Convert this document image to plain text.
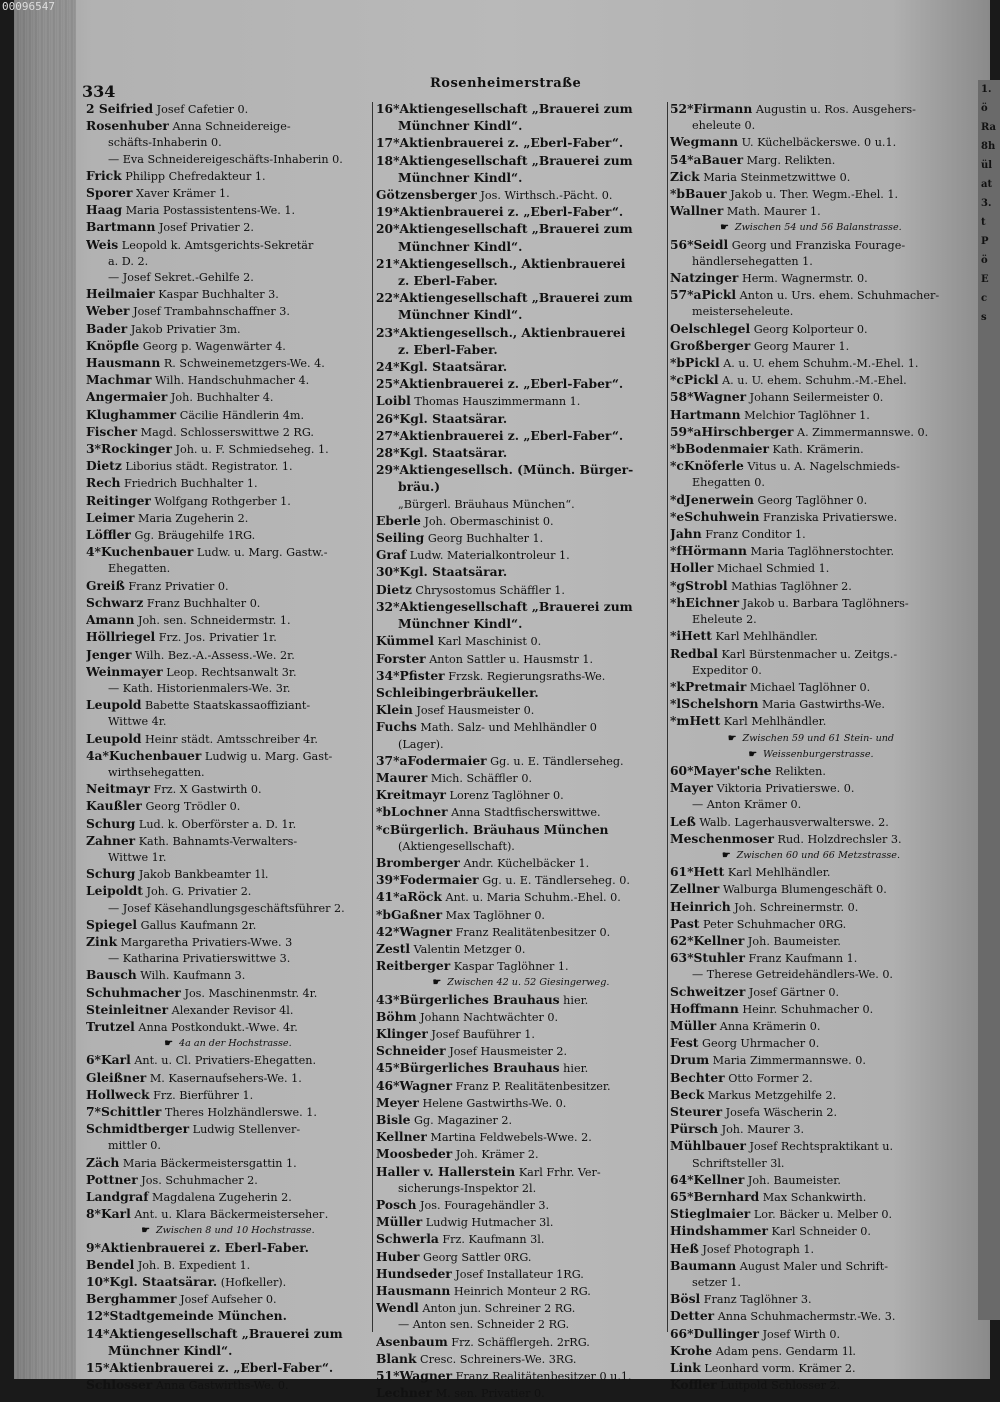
00096547
1.
ö
Ra
8h
ül
at
3.
t
P
ö
E
c
s
334	Rosenheimerstraße
2 Seifried Josef Cafetier 0.
Rosenhuber Anna Schneidereige-
schäfts-Inhaberin 0.
— Eva Schneidereigeschäfts-Inhaberin 0.
Frick Philipp Chefredakteur 1.
Sporer Xaver Krämer 1.
Haag Maria Postassistentens-We. 1.
Bartmann Josef Privatier 2.
Weis Leopold k. Amtsgerichts-Sekretär
a. D. 2.
— Josef Sekret.-Gehilfe 2.
Heilmaier Kaspar Buchhalter 3.
Weber Josef Trambahnschaffner 3.
Bader Jakob Privatier 3m.
Knöpfle Georg p. Wagenwärter 4.
Hausmann R. Schweinemetzgers-We. 4.
Machmar Wilh. Handschuhmacher 4.
Angermaier Joh. Buchhalter 4.
Klughammer Cäcilie Händlerin 4m.
Fischer Magd. Schlosserswittwe 2 RG.
3*Rockinger Joh. u. F. Schmiedseheg. 1.
Dietz Liborius städt. Registrator. 1.
Rech Friedrich Buchhalter 1.
Reitinger Wolfgang Rothgerber 1.
Leimer Maria Zugeherin 2.
Löffler Gg. Bräugehilfe 1RG.
4*Kuchenbauer Ludw. u. Marg. Gastw.-
Ehegatten.
Greiß Franz Privatier 0.
Schwarz Franz Buchhalter 0.
Amann Joh. sen. Schneidermstr. 1.
Höllriegel Frz. Jos. Privatier 1r.
Jenger Wilh. Bez.-A.-Assess.-We. 2r.
Weinmayer Leop. Rechtsanwalt 3r.
— Kath. Historienmalers-We. 3r.
Leupold Babette Staatskassaoffiziant-
Wittwe 4r.
Leupold Heinr städt. Amtsschreiber 4r.
4a*Kuchenbauer Ludwig u. Marg. Gast-
wirthsehegatten.
Neitmayr Frz. X Gastwirth 0.
Kaußler Georg Trödler 0.
Schurg Lud. k. Oberförster a. D. 1r.
Zahner Kath. Bahnamts-Verwalters-
Wittwe 1r.
Schurg Jakob Bankbeamter 1l.
Leipoldt Joh. G. Privatier 2.
— Josef Käsehandlungsgeschäftsführer 2.
Spiegel Gallus Kaufmann 2r.
Zink Margaretha Privatiers-Wwe. 3
— Katharina Privatierswittwe 3.
Bausch Wilh. Kaufmann 3.
Schuhmacher Jos. Maschinenmstr. 4r.
Steinleitner Alexander Revisor 4l.
Trutzel Anna Postkondukt.-Wwe. 4r.
☛ 4a an der Hochstrasse.
6*Karl Ant. u. Cl. Privatiers-Ehegatten.
Gleißner M. Kasernaufsehers-We. 1.
Hollweck Frz. Bierführer 1.
7*Schittler Theres Holzhändlerswe. 1.
Schmidtberger Ludwig Stellenver-
mittler 0.
Zäch Maria Bäckermeistersgattin 1.
Pottner Jos. Schuhmacher 2.
Landgraf Magdalena Zugeherin 2.
8*Karl Ant. u. Klara Bäckermeistersehег.
☛ Zwischen 8 und 10 Hochstrasse.
9*Aktienbrauerei z. Eberl-Faber.
Bendel Joh. B. Expedient 1.
10*Kgl. Staatsärar. (Hofkeller).
Berghammer Josef Aufseher 0.
12*Stadtgemeinde München.
14*Aktiengesellschaft „Brauerei zum
Münchner Kindl“.
15*Aktienbrauerei z. „Eberl-Faber“.
Schlosser Anna Gastwirths-We. 0.
16*Aktiengesellschaft „Brauerei zum
Münchner Kindl“.
17*Aktienbrauerei z. „Eberl-Faber“.
18*Aktiengesellschaft „Brauerei zum
Münchner Kindl“.
Götzensberger Jos. Wirthsch.-Pächt. 0.
19*Aktienbrauerei z. „Eberl-Faber“.
20*Aktiengesellschaft „Brauerei zum
Münchner Kindl“.
21*Aktiengesellsch., Aktienbrauerei
z. Eberl-Faber.
22*Aktiengesellschaft „Brauerei zum
Münchner Kindl“.
23*Aktiengesellsch., Aktienbrauerei
z. Eberl-Faber.
24*Kgl. Staatsärar.
25*Aktienbrauerei z. „Eberl-Faber“.
Loibl Thomas Hauszimmermann 1.
26*Kgl. Staatsärar.
27*Aktienbrauerei z. „Eberl-Faber“.
28*Kgl. Staatsärar.
29*Aktiengesellsch. (Münch. Bürger-
bräu.)
„Bürgerl. Bräuhaus München“.
Eberle Joh. Obermaschinist 0.
Seiling Georg Buchhalter 1.
Graf Ludw. Materialkontroleur 1.
30*Kgl. Staatsärar.
Dietz Chrysostomus Schäffler 1.
32*Aktiengesellschaft „Brauerei zum
Münchner Kindl“.
Kümmel Karl Maschinist 0.
Forster Anton Sattler u. Hausmstr 1.
34*Pfister Frzsk. Regierungsraths-We.
Schleibingerbräukeller.
Klein Josef Hausmeister 0.
Fuchs Math. Salz- und Mehlhändler 0
(Lager).
37*aFodermaier Gg. u. E. Tändlerseheg.
Maurer Mich. Schäffler 0.
Kreitmayr Lorenz Taglöhner 0.
*bLochner Anna Stadtfischerswittwe.
*cBürgerlich. Bräuhaus München
(Aktiengesellschaft).
Bromberger Andr. Küchelbäcker 1.
39*Fodermaier Gg. u. E. Tändlerseheg. 0.
41*aRöck Ant. u. Maria Schuhm.-Ehel. 0.
*bGaßner Max Taglöhner 0.
42*Wagner Franz Realitätenbesitzer 0.
Zestl Valentin Metzger 0.
Reitberger Kaspar Taglöhner 1.
☛ Zwischen 42 u. 52 Giesingerweg.
43*Bürgerliches Brauhaus hier.
Böhm Johann Nachtwächter 0.
Klinger Josef Bauführer 1.
Schneider Josef Hausmeister 2.
45*Bürgerliches Brauhaus hier.
46*Wagner Franz P. Realitätenbesitzer.
Meyer Helene Gastwirths-We. 0.
Bisle Gg. Magaziner 2.
Kellner Martina Feldwebels-Wwe. 2.
Moosbeder Joh. Krämer 2.
Haller v. Hallerstein Karl Frhr. Ver-
sicherungs-Inspektor 2l.
Posch Jos. Fouragehändler 3.
Müller Ludwig Hutmacher 3l.
Schwerla Frz. Kaufmann 3l.
Huber Georg Sattler 0RG.
Hundseder Josef Installateur 1RG.
Hausmann Heinrich Monteur 2 RG.
Wendl Anton jun. Schreiner 2 RG.
— Anton sen. Schneider 2 RG.
Asenbaum Frz. Schäfflergeh. 2rRG.
Blank Cresc. Schreiners-We. 3RG.
51*Wagner Franz Realitätenbesitzer 0 u.1.
Lechner M. sen. Privatier 0.
52*Firmann Augustin u. Ros. Ausgehers-
eheleute 0.
Wegmann U. Küchelbäckerswe. 0 u.1.
54*aBauer Marg. Relikten.
Zick Maria Steinmetzwittwe 0.
*bBauer Jakob u. Ther. Wegm.-Ehel. 1.
Wallner Math. Maurer 1.
☛ Zwischen 54 und 56 Balanstrasse.
56*Seidl Georg und Franziska Fourage-
händlersehegatten 1.
Natzinger Herm. Wagnermstr. 0.
57*aPickl Anton u. Urs. ehem. Schuhmacher-
meisterseheleute.
Oelschlegel Georg Kolporteur 0.
Großberger Georg Maurer 1.
*bPickl A. u. U. ehem Schuhm.-M.-Ehel. 1.
*cPickl A. u. U. ehem. Schuhm.-M.-Ehel.
58*Wagner Johann Seilermeister 0.
Hartmann Melchior Taglöhner 1.
59*aHirschberger A. Zimmermannswe. 0.
*bBodenmaier Kath. Krämerin.
*cKnöferle Vitus u. A. Nagelschmieds-
Ehegatten 0.
*dJenerwein Georg Taglöhner 0.
*eSchuhwein Franziska Privatierswe.
Jahn Franz Conditor 1.
*fHörmann Maria Taglöhnerstochter.
Holler Michael Schmied 1.
*gStrobl Mathias Taglöhner 2.
*hEichner Jakob u. Barbara Taglöhners-
Eheleute 2.
*iHett Karl Mehlhändler.
Redbal Karl Bürstenmacher u. Zeitgs.-
Expeditor 0.
*kPretmair Michael Taglöhner 0.
*lSchelshorn Maria Gastwirths-We.
*mHett Karl Mehlhändler.
☛ Zwischen 59 und 61 Stein- und
☛ Weissenburgerstrasse.
60*Mayer'sche Relikten.
Mayer Viktoria Privatierswe. 0.
— Anton Krämer 0.
Leß Walb. Lagerhausverwalterswe. 2.
Meschenmoser Rud. Holzdrechsler 3.
☛ Zwischen 60 und 66 Metzstrasse.
61*Hett Karl Mehlhändler.
Zellner Walburga Blumengeschäft 0.
Heinrich Joh. Schreinermstr. 0.
Past Peter Schuhmacher 0RG.
62*Kellner Joh. Baumeister.
63*Stuhler Franz Kaufmann 1.
— Therese Getreidehändlers-We. 0.
Schweitzer Josef Gärtner 0.
Hoffmann Heinr. Schuhmacher 0.
Müller Anna Krämerin 0.
Fest Georg Uhrmacher 0.
Drum Maria Zimmermannswe. 0.
Bechter Otto Former 2.
Beck Markus Metzgehilfe 2.
Steurer Josefa Wäscherin 2.
Pürsch Joh. Maurer 3.
Mühlbauer Josef Rechtspraktikant u.
Schriftsteller 3l.
64*Kellner Joh. Baumeister.
65*Bernhard Max Schankwirth.
Stieglmaier Lor. Bäcker u. Melber 0.
Hindshammer Karl Schneider 0.
Heß Josef Photograph 1.
Baumann August Maler und Schrift-
setzer 1.
Bösl Franz Taglöhner 3.
Detter Anna Schuhmachermstr.-We. 3.
66*Dullinger Josef Wirth 0.
Krohe Adam pens. Gendarm 1l.
Link Leonhard vorm. Krämer 2.
Koffler Luitpold Schlosser 2.
